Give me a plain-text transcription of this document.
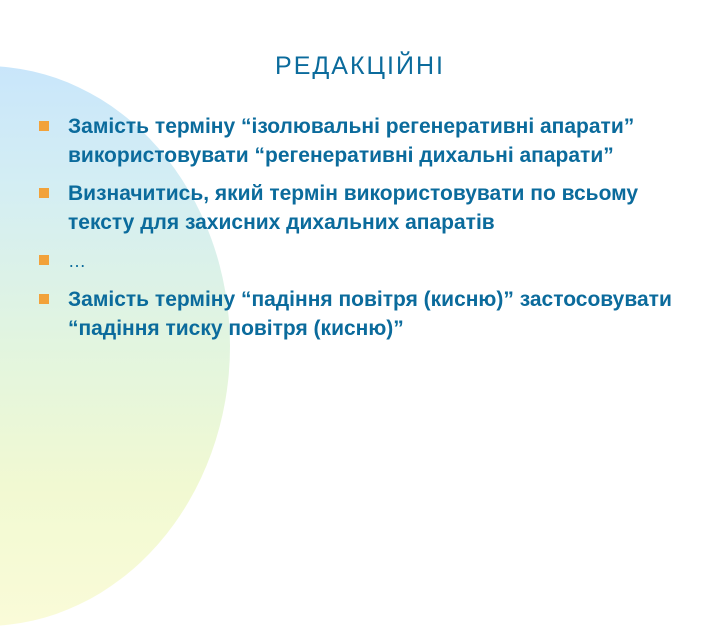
РЕДАКЦІЙНІ
Замість терміну “ізолювальні регенеративні апарати” використовувати “регенеративні дихальні апарати”
Визначитись, який термін використовувати по всьому тексту для захисних дихальних апаратів
…
Замість терміну “падіння повітря (кисню)” застосовувати “падіння тиску повітря (кисню)”
